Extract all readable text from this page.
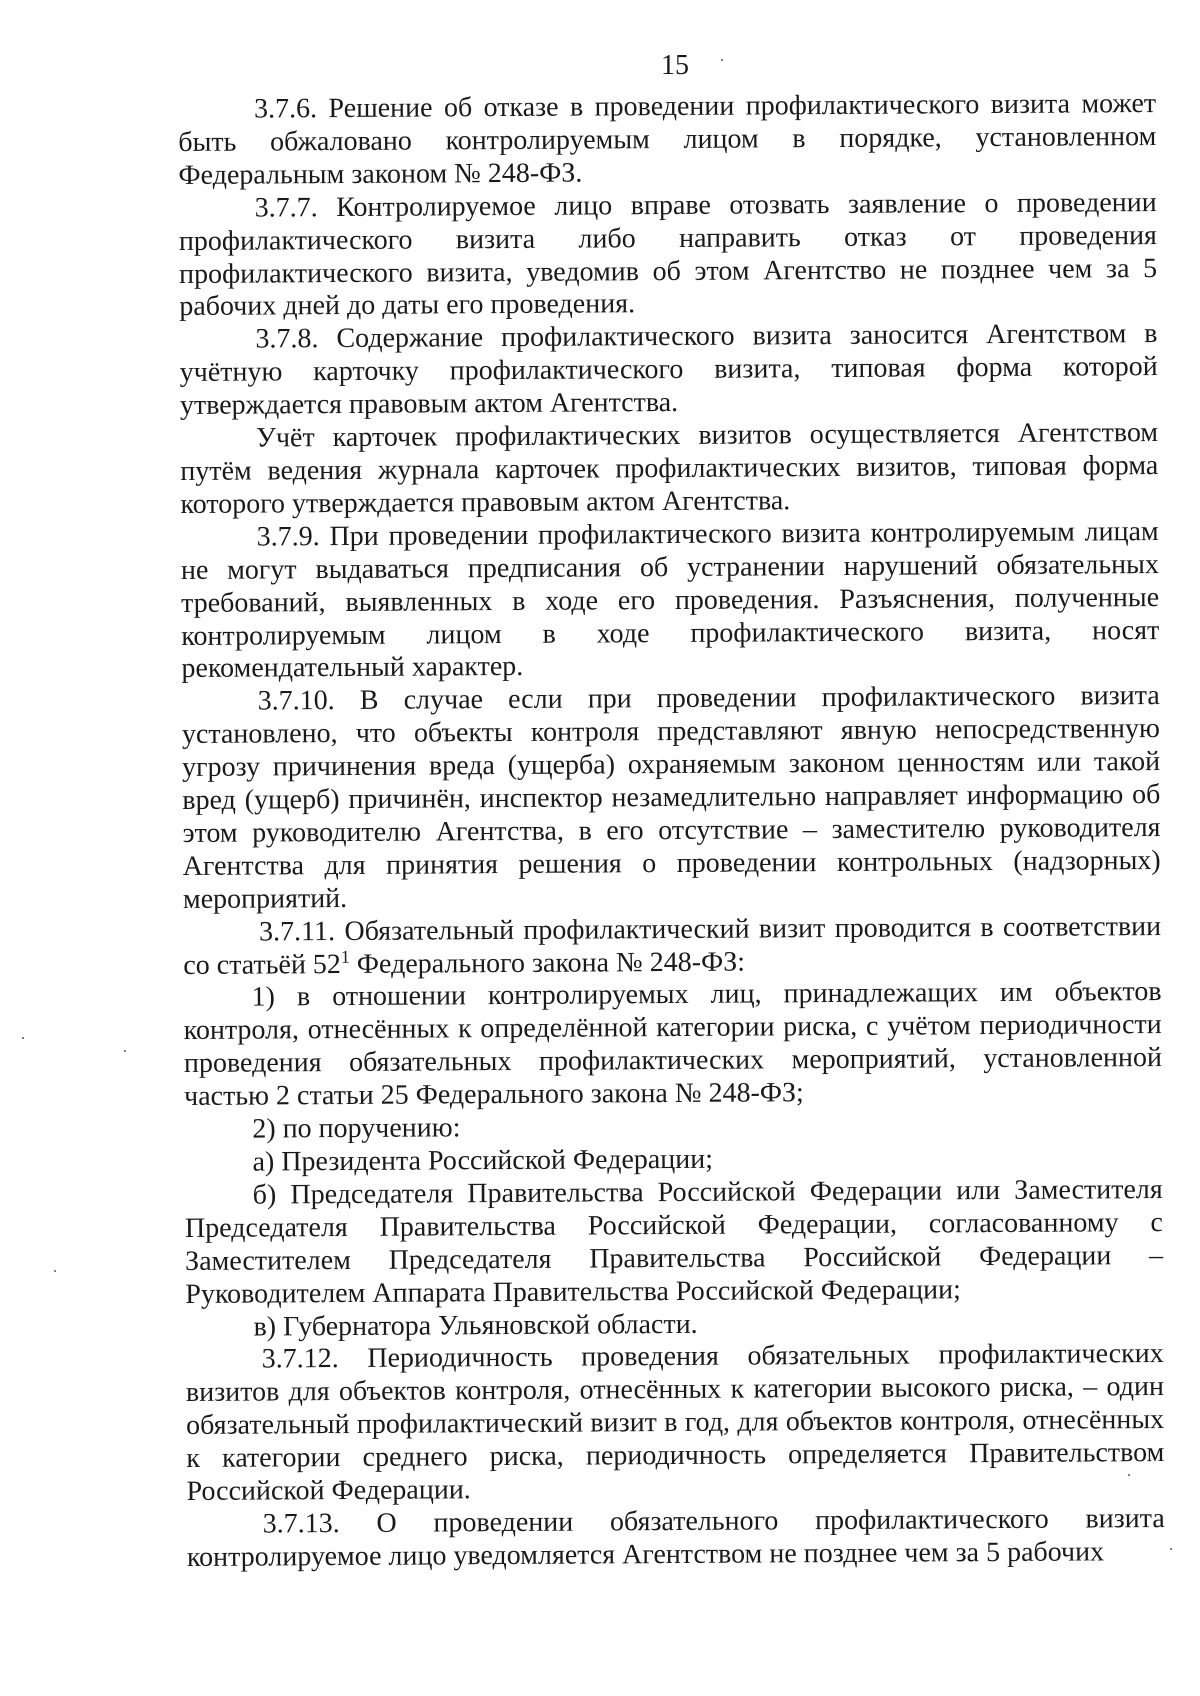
15

3.7.6. Решение об отказе в проведении профилактического визита может быть обжаловано контролируемым лицом в порядке, установленном Федеральным законом № 248-ФЗ.

3.7.7. Контролируемое лицо вправе отозвать заявление о проведении профилактического визита либо направить отказ от проведения профилактического визита, уведомив об этом Агентство не позднее чем за 5 рабочих дней до даты его проведения.

3.7.8. Содержание профилактического визита заносится Агентством в учётную карточку профилактического визита, типовая форма которой утверждается правовым актом Агентства.

Учёт карточек профилактических визитов осуществляется Агентством путём ведения журнала карточек профилактических визитов, типовая форма которого утверждается правовым актом Агентства.

3.7.9. При проведении профилактического визита контролируемым лицам не могут выдаваться предписания об устранении нарушений обязательных требований, выявленных в ходе его проведения. Разъяснения, полученные контролируемым лицом в ходе профилактического визита, носят рекомендательный характер.

3.7.10. В случае если при проведении профилактического визита установлено, что объекты контроля представляют явную непосредственную угрозу причинения вреда (ущерба) охраняемым законом ценностям или такой вред (ущерб) причинён, инспектор незамедлительно направляет информацию об этом руководителю Агентства, в его отсутствие – заместителю руководителя Агентства для принятия решения о проведении контрольных (надзорных) мероприятий.

3.7.11. Обязательный профилактический визит проводится в соответствии со статьёй $52^1$ Федерального закона № 248-ФЗ:

1) в отношении контролируемых лиц, принадлежащих им объектов контроля, отнесённых к определённой категории риска, с учётом периодичности проведения обязательных профилактических мероприятий, установленной частью 2 статьи 25 Федерального закона № 248-ФЗ;

2) по поручению:

а) Президента Российской Федерации;

б) Председателя Правительства Российской Федерации или Заместителя Председателя Правительства Российской Федерации, согласованному с Заместителем Председателя Правительства Российской Федерации – Руководителем Аппарата Правительства Российской Федерации;

в) Губернатора Ульяновской области.

3.7.12. Периодичность проведения обязательных профилактических визитов для объектов контроля, отнесённых к категории высокого риска, – один обязательный профилактический визит в год, для объектов контроля, отнесённых к категории среднего риска, периодичность определяется Правительством Российской Федерации.

3.7.13. О проведении обязательного профилактического визита контролируемое лицо уведомляется Агентством не позднее чем за 5 рабочих
